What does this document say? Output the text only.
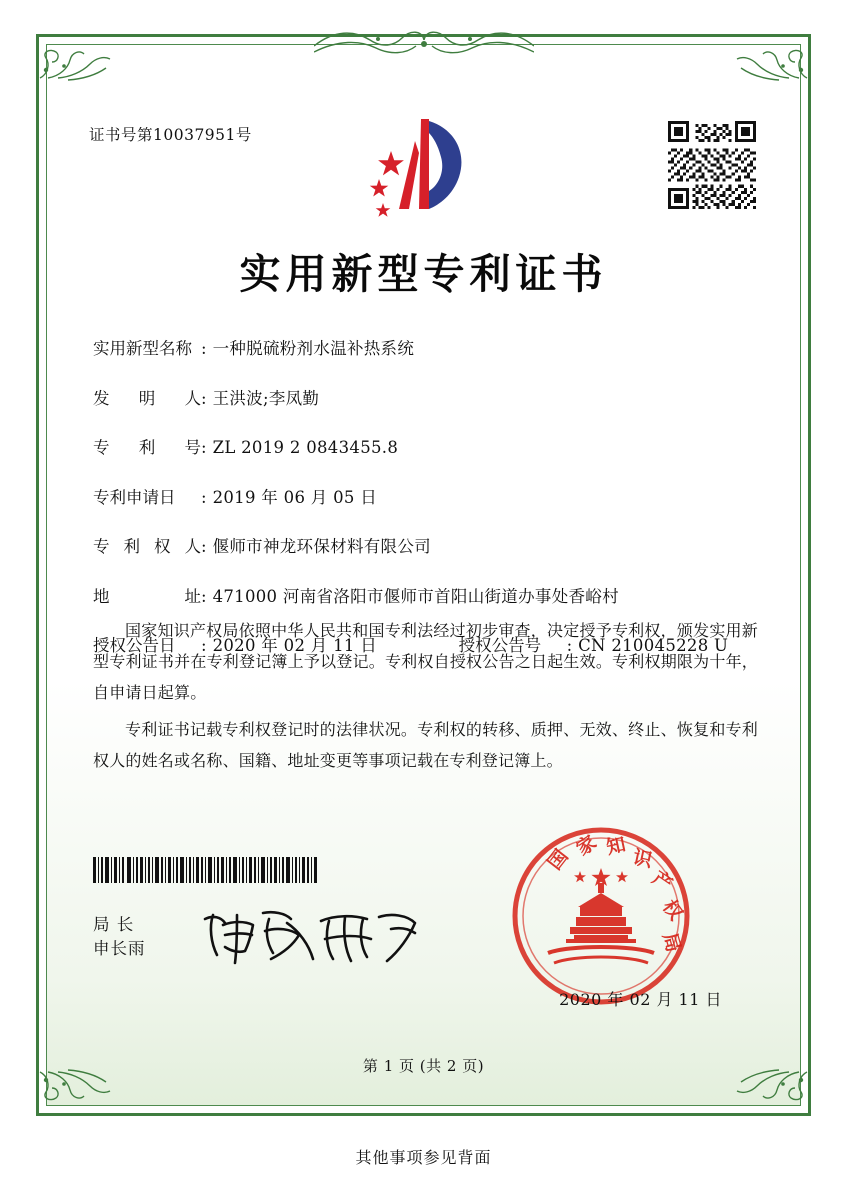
证书号第10037951号
实用新型专利证书
实用新型名称 : 一种脱硫粉剂水温补热系统
发 明 人 : 王洪波;李凤勤
专 利 号 : ZL 2019 2 0843455.8
专利申请日	: 2019 年 06 月 05 日
专 利 权 人 : 偃师市神龙环保材料有限公司
地	址 : 471000 河南省洛阳市偃师市首阳山街道办事处香峪村
授权公告日	: 2020 年 02 月 11 日	授权公告号	: CN 210045228 U

国家知识产权局依照中华人民共和国专利法经过初步审查，决定授予专利权，颁发实用新型专利证书并在专利登记簿上予以登记。专利权自授权公告之日起生效。专利权期限为十年，自申请日起算。

专利证书记载专利权登记时的法律状况。专利权的转移、质押、无效、终止、恢复和专利权人的姓名或名称、国籍、地址变更等事项记载在专利登记簿上。

局 长
申长雨
国 家 知
识
产
权
局
2020 年 02 月 11 日
第 1 页 (共 2 页)
其他事项参见背面
